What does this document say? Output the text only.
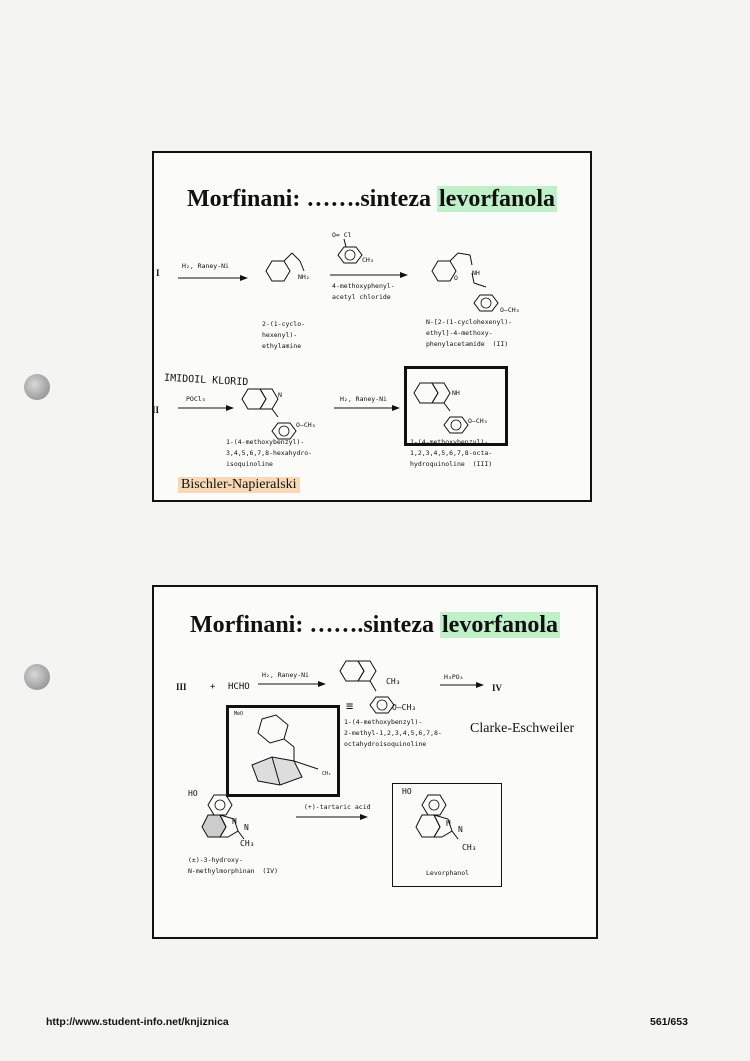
Morfinani: …….sinteza levorfanola
I
H₂, Raney-Ni
NH₂
2-(1-cyclo-
hexenyl)-
ethylamine
O= Cl
CH₃
4-methoxyphenyl-
acetyl chloride
NH
O
O–CH₃
N-[2-(1-cyclohexenyl)-
ethyl]-4-methoxy-
phenylacetamide  (II)
IMIDOIL KLORID
II
POCl₃	N
O–CH₃
1-(4-methoxybenzyl)-
3,4,5,6,7,8-hexahydro-
isoquinoline
H₂, Raney-Ni
NH
O–CH₃
1-(4-methoxybenzyl)-
1,2,3,4,5,6,7,8-octa-
hydroquinoline  (III)
Bischler-Napieralski
Morfinani: …….sinteza levorfanola
III	+ HCHO
H₂, Raney-Ni
CH₃
O–CH₃
≡
1-(4-methoxybenzyl)-
2-methyl-1,2,3,4,5,6,7,8-
octahydroisoquinoline
H₃PO₄
IV
Clarke-Eschweiler
MeO
CH₃
HO
H
N
CH₃
(±)-3-hydroxy-
N-methylmorphinan  (IV)
(+)-tartaric acid
HO
H
N
CH₃
Levorphanol
http://www.student-info.net/knjiznica	561/653
